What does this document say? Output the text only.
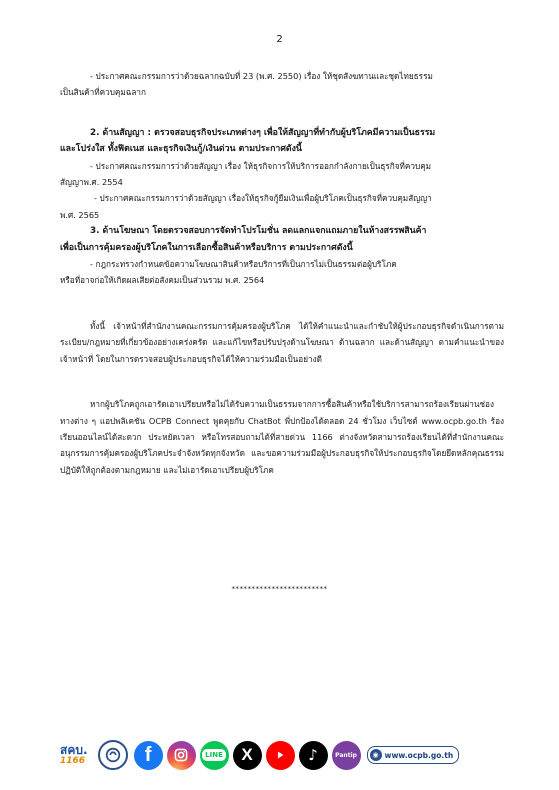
2

- ประกาศคณะกรรมการว่าด้วยฉลากฉบับที่ 23 (พ.ศ. 2550) เรื่อง ให้ชุดสังฆทานและชุดไทยธรรม

เป็นสินค้าที่ควบคุมฉลาก

2. ด้านสัญญา : ตรวจสอบธุรกิจประเภทต่างๆ เพื่อให้สัญญาที่ทำกับผู้บริโภคมีความเป็นธรรม

และโปร่งใส ทั้งฟิตเนส และธุรกิจเงินกู้/เงินด่วน ตามประกาศดังนี้

- ประกาศคณะกรรมการว่าด้วยสัญญา เรื่อง ให้ธุรกิจการให้บริการออกกำลังกายเป็นธุรกิจที่ควบคุม

สัญญาพ.ศ. 2554

- ประกาศคณะกรรมการว่าด้วยสัญญา เรื่องให้ธุรกิจกู้ยืมเงินเพื่อผู้บริโภคเป็นธุรกิจที่ควบคุมสัญญา

พ.ศ. 2565

3. ด้านโฆษณา โดยตรวจสอบการจัดทำโปรโมชั่น ลดแลกแจกแถมภายในห้างสรรพสินค้า

เพื่อเป็นการคุ้มครองผู้บริโภคในการเลือกซื้อสินค้าหรือบริการ ตามประกาศดังนี้

- กฎกระทรวงกำหนดข้อความโฆษณาสินค้าหรือบริการที่เป็นการไม่เป็นธรรมต่อผู้บริโภค

หรือที่อาจก่อให้เกิดผลเสียต่อสังคมเป็นส่วนรวม พ.ศ. 2564

ทั้งนี้ เจ้าหน้าที่สำนักงานคณะกรรมการคุ้มครองผู้บริโภค ได้ให้คำแนะนำและกำชับให้ผู้ประกอบธุรกิจดำเนินการตามระเบียบ/กฎหมายที่เกี่ยวข้องอย่างเคร่งครัด และแก้ไขหรือปรับปรุงด้านโฆษณา ด้านฉลาก และด้านสัญญา ตามคำแนะนำของเจ้าหน้าที่ โดยในการตรวจสอบผู้ประกอบธุรกิจได้ให้ความร่วมมือเป็นอย่างดี

หากผู้บริโภคถูกเอารัดเอาเปรียบหรือไม่ได้รับความเป็นธรรมจากการซื้อสินค้าหรือใช้บริการสามารถร้องเรียนผ่านช่องทางต่าง ๆ แอปพลิเคชัน OCPB Connect พูดคุยกับ ChatBot พี่ปกป้องได้ตลอด 24 ชั่วโมง เว็บไซต์ www.ocpb.go.th ร้องเรียนออนไลน์ได้สะดวก ประหยัดเวลา หรือโทรสอบถามได้ที่สายด่วน 1166 ต่างจังหวัดสามารถร้องเรียนได้ที่สำนักงานคณะอนุกรรมการคุ้มครองผู้บริโภคประจำจังหวัดทุกจังหวัด และขอความร่วมมือผู้ประกอบธุรกิจให้ประกอบธุรกิจโดยยึดหลักคุณธรรม ปฏิบัติให้ถูกต้องตามกฎหมาย และไม่เอารัดเอาเปรียบผู้บริโภค

************************
สคบ.
1166	f	LINE	X	♪	Pantip	◉ www.ocpb.go.th
